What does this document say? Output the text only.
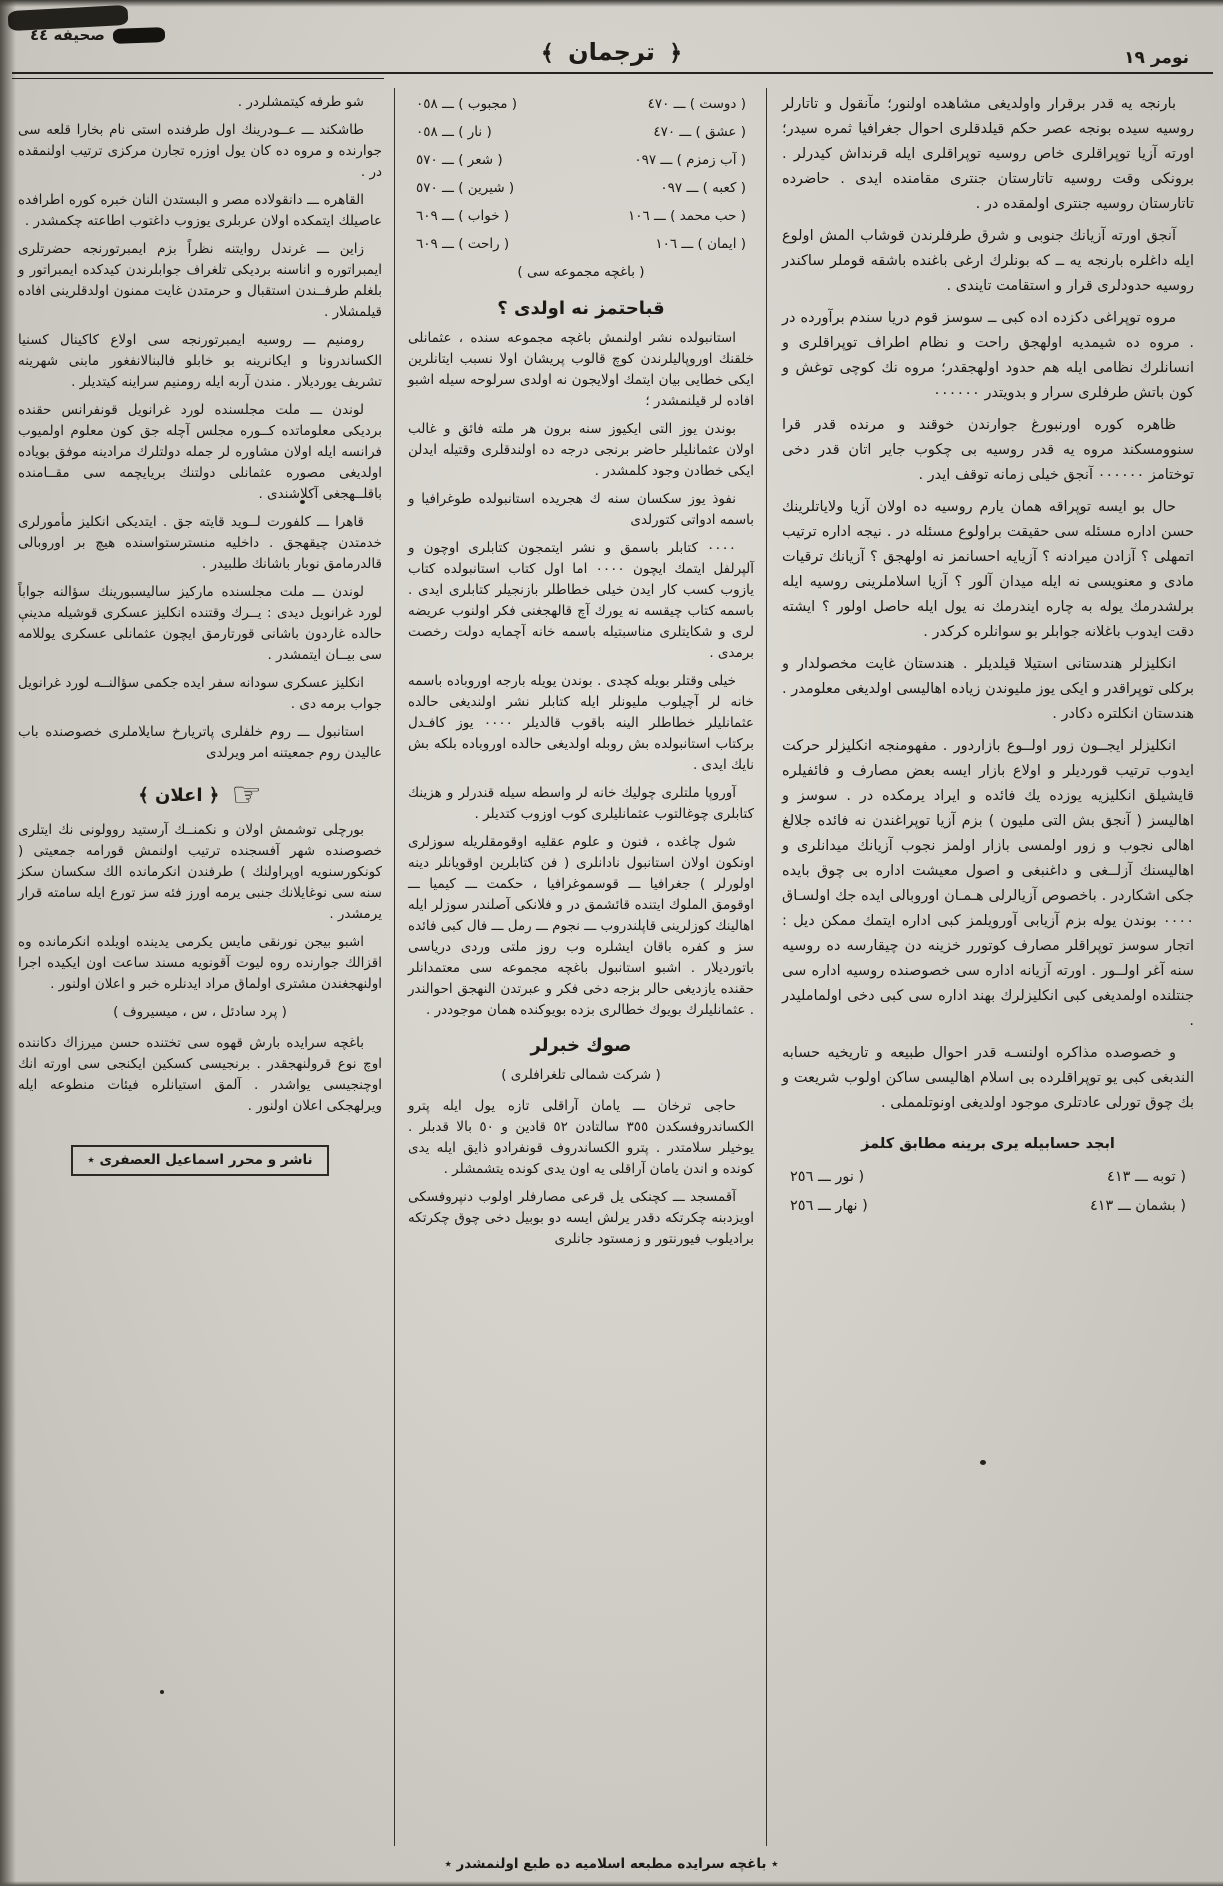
صحيفه ٤٤
﴿ ترجمان ﴾	نومر ١٩
بارنجه يه قدر برقرار واولديغی مشاهده اولنور؛ مآنقول و تاتارلر روسيه سيده بونجه عصر حكم قيلدقلری احوال جغرافيا ثمره سيدر؛ اورته آزيا توپراقلری خاص روسيه توپراقلری ايله قرنداش كيدرلر . برونكی وقت روسيه تاتارستان جنترى مقامنده ايدی . حاضرده تاتارستان روسيه جنترى اولمقده در .
آنجق اورته آزيانك جنوبی و شرق طرفلرندن قوشاب المش اولوع ايله داغلره بارنجه يه ــ كه بونلرك ارغی باغنده باشقه قوملر ساكندر روسيه حدودلرى قرار و استقامت تايندى .
مروه توپراغی دكزده اده كبی ــ سوسز قوم دريا سندم برآورده در . مروه ده شيمديه اولهجق راحت و نظام اطراف توپراقلرى و انسانلرك نظامی ايله هم حدود اولهجقدر؛ مروه نك كوچی توغش و كون باتش طرفلرى سرار و بدويتدر ٠٠٠٠٠٠
ظاهره كوره اورنبورغ جوارندن خوقند و مرنده قدر قرا سنوومسكند مروه يه قدر روسيه بی چكوب جاير اتان قدر دخی توختامز ٠٠٠٠٠٠ آنجق خيلی زمانه توقف ايدر .
حال بو ايسه توپراقه همان يارم روسيه ده اولان آزيا ولاياتلرينك حسن اداره مسئله سی حقيقت براولوع مسئله در . نيجه اداره ترتيب اتمهلی ؟ آزادن ميرادنه ؟ آزيايه احسانمز نه اولهجق ؟ آزيانك ترقيات مادی و معنويسی نه ايله ميدان آلور ؟ آزيا اسلاملرينی روسيه ايله برلشدرمك يوله به چاره ايندرمك نه يول ايله حاصل اولور ؟ ايشته دقت ايدوب باغلانه جوابلر بو سوانلره كركدر .
انكليزلر هندستانی استيلا قيلديلر . هندستان غايت مخصولدار و بركلی توپراقدر و ايكی يوز مليوندن زياده اهاليسی اولديغی معلومدر . هندستان انكلتره دكادر .
انكليزلر ايجــون زور اولــوع بازاردور . مفهومنجه انكليزلر حركت ايدوب ترتيب قورديلر و اولاع بازار ايسه بعض مصارف و فائفيلره قايشيلق انكليزيه يوزده يك فائده و ايراد يرمكده در . سوسز و اهاليسز ( آنجق بش التی مليون ) بزم آزيا توپراغندن نه فائده جلالغ اهالی نجوب و زور اولمسی بازار اولمز نجوب آزيانك ميدانلری و اهاليسنك آزلــغی و داغنبغی و اصول معيشت اداره بی چوق بايده جكی اشكاردر . باخصوص آزيالرلی هـمـان اوروبالی ايده جك اولسـاق ٠٠٠٠ بوندن يوله بزم آزيابی آورويلمز كبی اداره ايتمك ممكن ديل : اتجار سوسز توپراقلر مصارف كوتورر خزينه دن چيقارسه ده روسيه سنه آغر اولــور . اورته آزيانه اداره سی خصوصنده روسيه اداره سی جنتلنده اولمديغی كبی انكليزلرك بهند اداره سی كبی دخی اولمامليدر .
و خصوصده مذاكره اولنسـه قدر احوال طبيعه و تاريخيه حسابه الندبغی كبی يو توپراقلرده بی اسلام اهاليسی ساكن اولوب شريعت و بك چوق تورلی عادتلری موجود اولديغی اونوتلمملی .
ابجد حسابيله يری برينه مطابق كلمز
( توبه ـــ ٤١٣
( نور ـــ ٢٥٦
( بشمان ـــ ٤١٣
( نهار ـــ ٢٥٦
( دوست ) ـــ ٤٧٠
( مجبوب ) ـــ ٠٥٨
( عشق ) ـــ ٤٧٠
( نار ) ـــ ٠٥٨
( آب زمزم ) ـــ ٠٩٧
( شعر ) ـــ ٥٧٠
( كعبه ) ـــ ٠٩٧
( شيرين ) ـــ ٥٧٠
( حب محمد ) ـــ ١٠٦
( خواب ) ـــ ٦٠٩
( ايمان ) ـــ ١٠٦
( راحت ) ـــ ٦٠٩
( باغچه مجموعه سی )
قباحتمز نه اولدی ؟
استانبولده نشر اولنمش باغچه مجموعه سنده ، عثمانلی خلقنك اوروپاليلرندن كوچ قالوب پريشان اولا نسبب ايتانلرين ايكی خطايی بيان ايتمك اولايجون نه اولدی سرلوحه سيله اشبو افاده لر قيلنمشدر ؛
بوندن يوز التی ايكيوز سنه برون هر ملته فائق و غالب اولان عثمانليلر حاضر برنجی درجه ده اولندقلری وقتيله ايدلن ايكی خطادن وجود كلمشدر .
نفوذ يوز سكسان سنه ك هجريده استانبولده طوغرافيا و باسمه ادواتی كتورلدی
٠٠٠٠ كتابلر باسمق و نشر ايتمجون كتابلری اوچون و آلپرلفل ايتمك ايچون ٠٠٠٠ اما اول كتاب استانبولده كتاب يازوب كسب كار ايدن خيلی خطاطلر بازنجيلر كتابلری ايدی . باسمه كتاب چيقسه نه يورك آچ قالهجغنی فكر اولنوب عريضه لری و شكايتلری مناسبتيله باسمه خانه آچمايه دولت رخصت برمدی .
خيلی وقتلر بويله كچدی . بوندن يويله بارجه اوروباده باسمه خانه لر آچيلوب مليونلر ايله كتابلر نشر اولنديغی حالده عثمانليلر خطاطلر الينه باقوب قالديلر ٠٠٠٠ يوز كافـدل بركتاب استانبولده بش روبله اولديغی حالده اوروباده بلكه بش نايك ايدی .
آوروپا ملتلری چوليك خانه لر واسطه سيله قندرلر و هزينك كتابلری چوغالتوب عثمانليلری كوب اوزوب كتديلر .
شول چاغده ، فنون و علوم عقليه اوقومقلريله سوزلری اونكون اولان استانبول نادانلری ( فن كتابلرين اوقويانلر دينه اولورلر ) جغرافيا ـــ قوسموغرافيا ، حكمت ـــ كيميا ـــ اوقومق الملوك ايتنده قائشمق در و فلانكی آصلندر سوزلر ايله اهالينك كوزلرينی قاپلندروب ـــ نجوم ـــ رمل ـــ فال كبی فائده سز و كفره باقان ايشلره وب روز ملتی وردی درياسی باتورديلار . اشبو استانبول باغچه مجموعه سی معتمدانلر حقنده يازديغی حالر بزجه دخی فكر و عبرتدن النهجق احوالندر . عثمانليلرك بويوك خطالری بزده بويوكنده همان موجوددر .
صوك خبرلر
( شركت شمالی تلغرافلری )
حاجی ترخان ـــ يامان آراقلی تازه يول ايله پترو الكساندروفسكدن ٣٥٥ سالتادن ٥٢ قادين و ٥٠ بالا قدبلر . يوخيلر سلامتدر . پترو الكساندروف قونفرادو ذايق ايله يدی كونده و اندن يامان آراقلی يه اون يدی كونده يتشمشلر .
آقمسجد ـــ كچنكی يل قرعی مصارفلر اولوب دنپروفسكی اويزدبنه چكرتكه دقدر يرلش ايسه دو بوبيل دخی چوق چكرتكه براديلوب فيورنتور و زمستود جانلری
شو طرفه كيتمشلردر .
طاشكند ـــ عــودرينك اول طرفنده استی نام بخارا قلعه سی جوارنده و مروه ده كان يول اوزره تجارن مركزی ترتيب اولنمقده در .
القاهره ـــ دانقولاده مصر و البستدن النان خبره كوره اطرافده عاصيلك ايتمكده اولان عربلری يوزوب داغتوب اطاعته چكمشدر .
زاين ـــ غرندل روايتنه نظراً بزم ايمبرتورنجه حضرتلری ايمبراتوره و اناسنه برديكی تلغراف جوابلرندن كيدكده ايمبراتور و بلغلم طرفــندن استقبال و حرمتدن غايت ممنون اولدقلرينی افاده قيلمشلار .
رومنيم ـــ روسيه ايمبرتورنجه سی اولاع كاكينال كسنيا الكساندرونا و ايكانرينه بو خابلو فالبنالانفغور مابنی شهرينه تشريف يورديلار . مندن آربه ايله رومنيم سراينه كيتديلر .
لوندن ـــ ملت مجلسنده لورد غرانويل قونفرانس حقنده برديكی معلوماتده كــوره مجلس آچله جق كون معلوم اولميوب فرانسه ايله اولان مشاوره لر جمله دولتلرك مرادينه موفق بوياده اولديغی مصوره عثمانلی دولتنك بريايچمه سی مقــامنده باقلــهجغی آكلاشندی .
قاهرا ـــ كلفورت لــويد قايته جق . ايتديكی انكليز مأمورلری خدمتدن چيقهجق . داخليه منسترستواسنده هيچ بر اوروبالی قالدرمامق نوبار باشانك طلبيدر .
لوندن ـــ ملت مجلسنده ماركيز ساليسبورينك سؤالنه جواباً لورد غرانويل ديدی : يــرك وقتنده انكليز عسكری قوشيله مدينې حالده غاردون باشانی قورتارمق ايچون عثمانلی عسكری يوللامه سی بيــان ايتمشدر .
انكليز عسكری سودانه سفر ايده جكمی سؤالنــه لورد غرانويل جواب برمه دی .
استانبول ـــ روم خلفلری پاتريارخ سايلاملری خصوصنده باب عاليدن روم جمعيتنه امر ويرلدی
☞
﴿ اعلان ﴾
بورچلی توشمش اولان و نكمنــك آرستيد روولونی نك ايتلری خصوصنده شهر آفسجنده ترتيب اولنمش قورامه جمعيتی ( كونكورسنويه اوپراولنك ) طرفندن انكرمانده الك سكسان سكز سنه سی نوغايلانك جنبی يرمه اورز فئه سز تورع ايله سامته قرار يرمشدر .
اشبو بيجن نورنقی مايس يكرمی يدينده اويلده انكرمانده وه اقزالك جوارنده روه ليوت آقونويه مسند ساعت اون ايكيده اجرا اولنهجغندن مشتری اولماق مراد ايدنلره خبر و اعلان اولنور .
( پرد سادئل ، س ، ميسيروف )
باغچه سرايده بارش قهوه سی تختنده حسن ميرزاك دكاننده اوچ نوع قرولنهجقدر . برنجيسی كسكين ايكنجی سی اورته انك اوچنجيسی يواشدر . آلمق استيانلره فيئات منطوعه ايله ويرلهجكی اعلان اولنور .
ناشر و محرر اسماعيل العصفری ٭
٭ باغچه سرايده مطبعه اسلاميه ده طبع اولنمشدر ٭
